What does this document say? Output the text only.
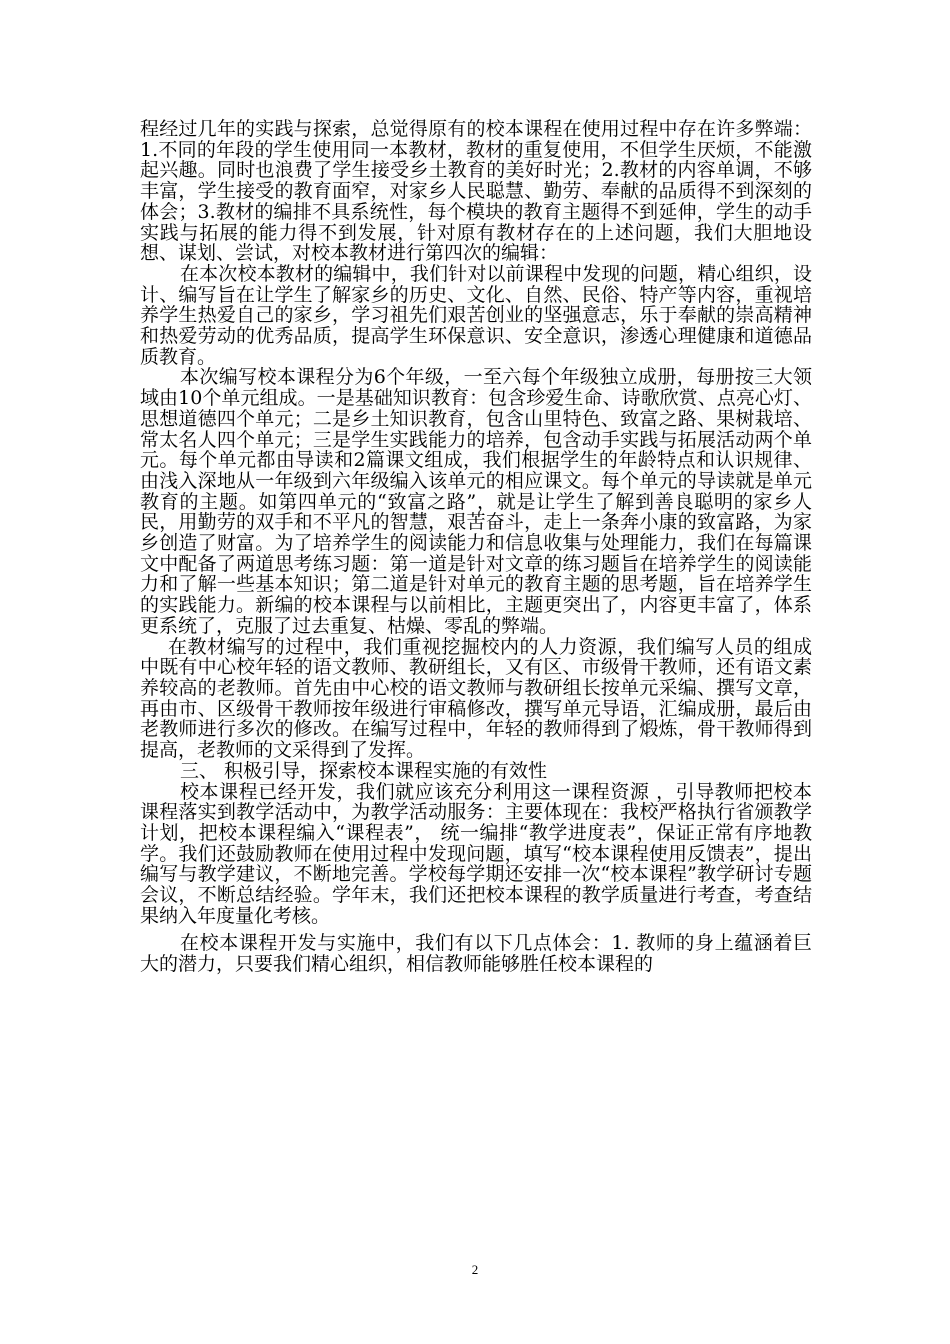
程经过几年的实践与探索，总觉得原有的校本课程在使用过程中存在许多弊端：1.不同的年段的学生使用同一本教材，教材的重复使用，不但学生厌烦，不能激起兴趣。同时也浪费了学生接受乡土教育的美好时光；2.教材的内容单调，不够丰富，学生接受的教育面窄，对家乡人民聪慧、勤劳、奉献的品质得不到深刻的体会；3.教材的编排不具系统性，每个模块的教育主题得不到延伸，学生的动手实践与拓展的能力得不到发展，针对原有教材存在的上述问题，我们大胆地设想、谋划、尝试，对校本教材进行第四次的编辑：

在本次校本教材的编辑中，我们针对以前课程中发现的问题，精心组织，设计、编写旨在让学生了解家乡的历史、文化、自然、民俗、特产等内容，重视培养学生热爱自己的家乡，学习祖先们艰苦创业的坚强意志，乐于奉献的崇高精神和热爱劳动的优秀品质，提高学生环保意识、安全意识，渗透心理健康和道德品质教育。

本次编写校本课程分为6个年级，一至六每个年级独立成册，每册按三大领域由10个单元组成。一是基础知识教育：包含珍爱生命、诗歌欣赏、点亮心灯、思想道德四个单元；二是乡土知识教育，包含山里特色、致富之路、果树栽培、常太名人四个单元；三是学生实践能力的培养，包含动手实践与拓展活动两个单元。每个单元都由导读和2篇课文组成，我们根据学生的年龄特点和认识规律、由浅入深地从一年级到六年级编入该单元的相应课文。每个单元的导读就是单元教育的主题。如第四单元的“致富之路”，就是让学生了解到善良聪明的家乡人民，用勤劳的双手和不平凡的智慧，艰苦奋斗，走上一条奔小康的致富路，为家乡创造了财富。为了培养学生的阅读能力和信息收集与处理能力，我们在每篇课文中配备了两道思考练习题：第一道是针对文章的练习题旨在培养学生的阅读能力和了解一些基本知识；第二道是针对单元的教育主题的思考题，旨在培养学生的实践能力。新编的校本课程与以前相比，主题更突出了，内容更丰富了，体系更系统了，克服了过去重复、枯燥、零乱的弊端。

在教材编写的过程中，我们重视挖掘校内的人力资源，我们编写人员的组成中既有中心校年轻的语文教师、教研组长，又有区、市级骨干教师，还有语文素养较高的老教师。首先由中心校的语文教师与教研组长按单元采编、撰写文章，再由市、区级骨干教师按年级进行审稿修改，撰写单元导语，汇编成册，最后由老教师进行多次的修改。在编写过程中，年轻的教师得到了煅炼，骨干教师得到提高，老教师的文采得到了发挥。

三、 积极引导，探索校本课程实施的有效性

校本课程已经开发，我们就应该充分利用这一课程资源 ，引导教师把校本课程落实到教学活动中，为教学活动服务：主要体现在：我校严格执行省颁教学计划，把校本课程编入“课程表”， 统一编排“教学进度表”，保证正常有序地教学。我们还鼓励教师在使用过程中发现问题，填写“校本课程使用反馈表”，提出编写与教学建议，不断地完善。学校每学期还安排一次“校本课程”教学研讨专题会议，不断总结经验。学年末，我们还把校本课程的教学质量进行考查，考查结果纳入年度量化考核。

在校本课程开发与实施中，我们有以下几点体会：1. 教师的身上蕴涵着巨大的潜力，只要我们精心组织，相信教师能够胜任校本课程的

2
